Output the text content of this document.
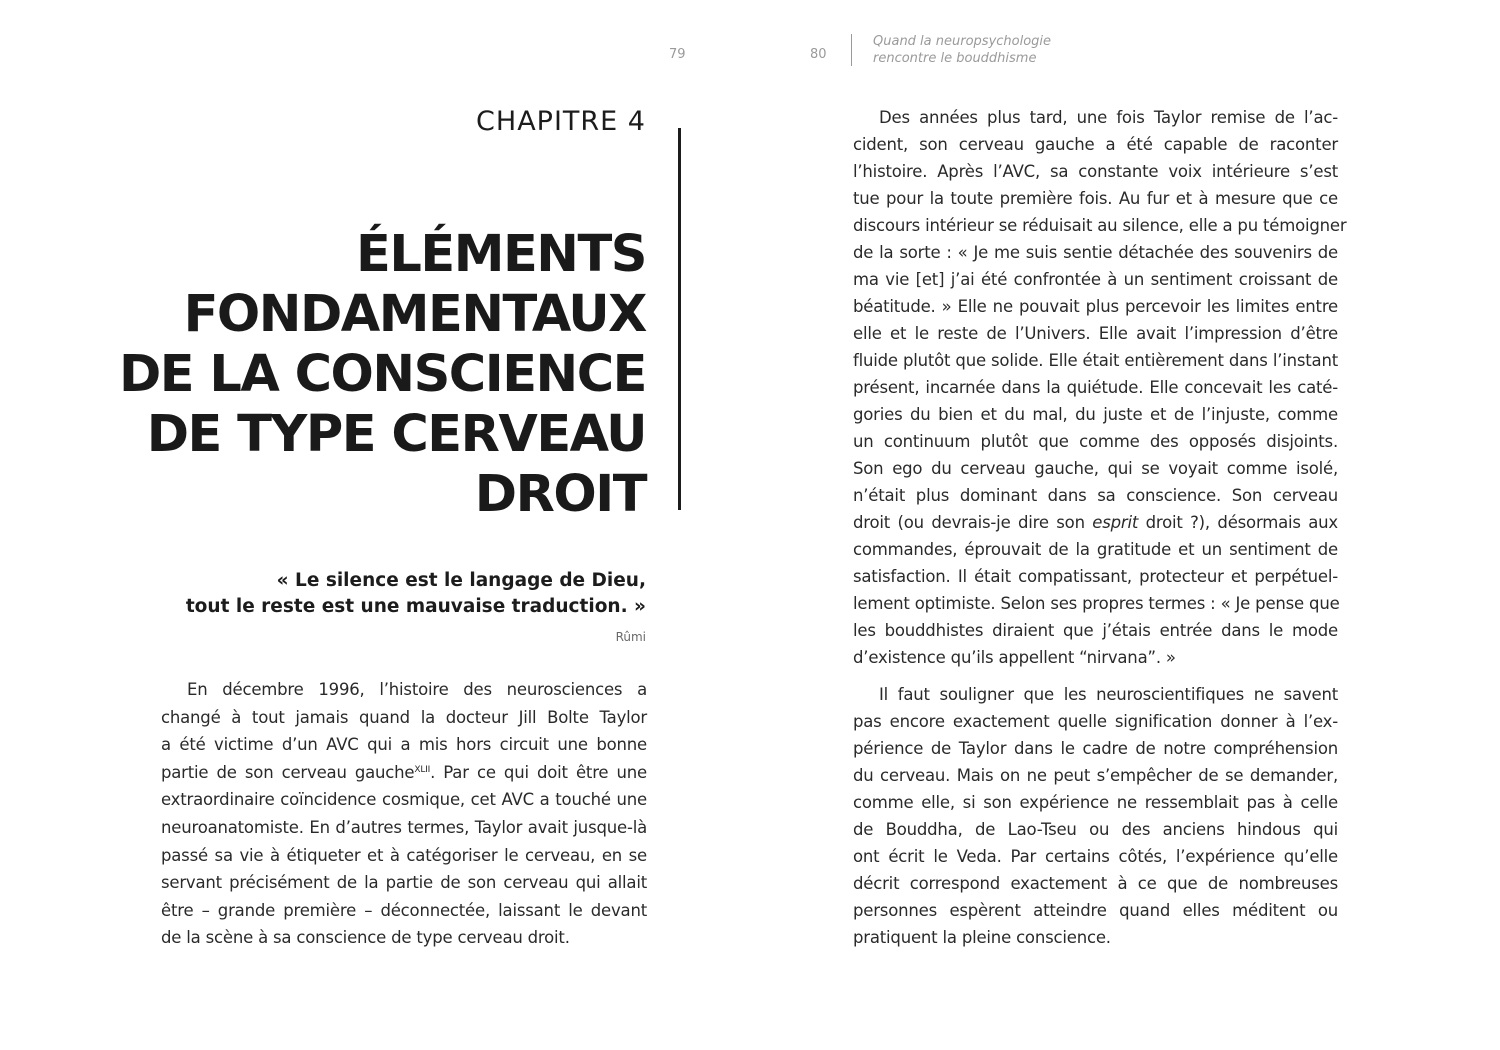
79	80
Quand la neuropsychologie
rencontre le bouddhisme
CHAPITRE 4
ÉLÉMENTS
FONDAMENTAUX
DE LA CONSCIENCE
DE TYPE CERVEAU
DROIT
« Le silence est le langage de Dieu,
tout le reste est une mauvaise traduction. »
Rûmi
En décembre 1996, l’histoire des neurosciences a
changé à tout jamais quand la docteur Jill Bolte Taylor
a été victime d’un AVC qui a mis hors circuit une bonne
partie de son cerveau gauche$^{XLII}$. Par ce qui doit être une
extraordinaire coïncidence cosmique, cet AVC a touché une
neuroanatomiste. En d’autres termes, Taylor avait jusque-là
passé sa vie à étiqueter et à catégoriser le cerveau, en se
servant précisément de la partie de son cerveau qui allait
être – grande première – déconnectée, laissant le devant
de la scène à sa conscience de type cerveau droit.
Des années plus tard, une fois Taylor remise de l’ac-
cident, son cerveau gauche a été capable de raconter
l’histoire. Après l’AVC, sa constante voix intérieure s’est
tue pour la toute première fois. Au fur et à mesure que ce
discours intérieur se réduisait au silence, elle a pu témoigner
de la sorte : « Je me suis sentie détachée des souvenirs de
ma vie [et] j’ai été confrontée à un sentiment croissant de
béatitude. » Elle ne pouvait plus percevoir les limites entre
elle et le reste de l’Univers. Elle avait l’impression d’être
fluide plutôt que solide. Elle était entièrement dans l’instant
présent, incarnée dans la quiétude. Elle concevait les caté-
gories du bien et du mal, du juste et de l’injuste, comme
un continuum plutôt que comme des opposés disjoints.
Son ego du cerveau gauche, qui se voyait comme isolé,
n’était plus dominant dans sa conscience. Son cerveau
droit (ou devrais-je dire son esprit droit ?), désormais aux
commandes, éprouvait de la gratitude et un sentiment de
satisfaction. Il était compatissant, protecteur et perpétuel-
lement optimiste. Selon ses propres termes : « Je pense que
les bouddhistes diraient que j’étais entrée dans le mode
d’existence qu’ils appellent “nirvana”. »
Il faut souligner que les neuroscientifiques ne savent
pas encore exactement quelle signification donner à l’ex-
périence de Taylor dans le cadre de notre compréhension
du cerveau. Mais on ne peut s’empêcher de se demander,
comme elle, si son expérience ne ressemblait pas à celle
de Bouddha, de Lao-Tseu ou des anciens hindous qui
ont écrit le Veda. Par certains côtés, l’expérience qu’elle
décrit correspond exactement à ce que de nombreuses
personnes espèrent atteindre quand elles méditent ou
pratiquent la pleine conscience.
